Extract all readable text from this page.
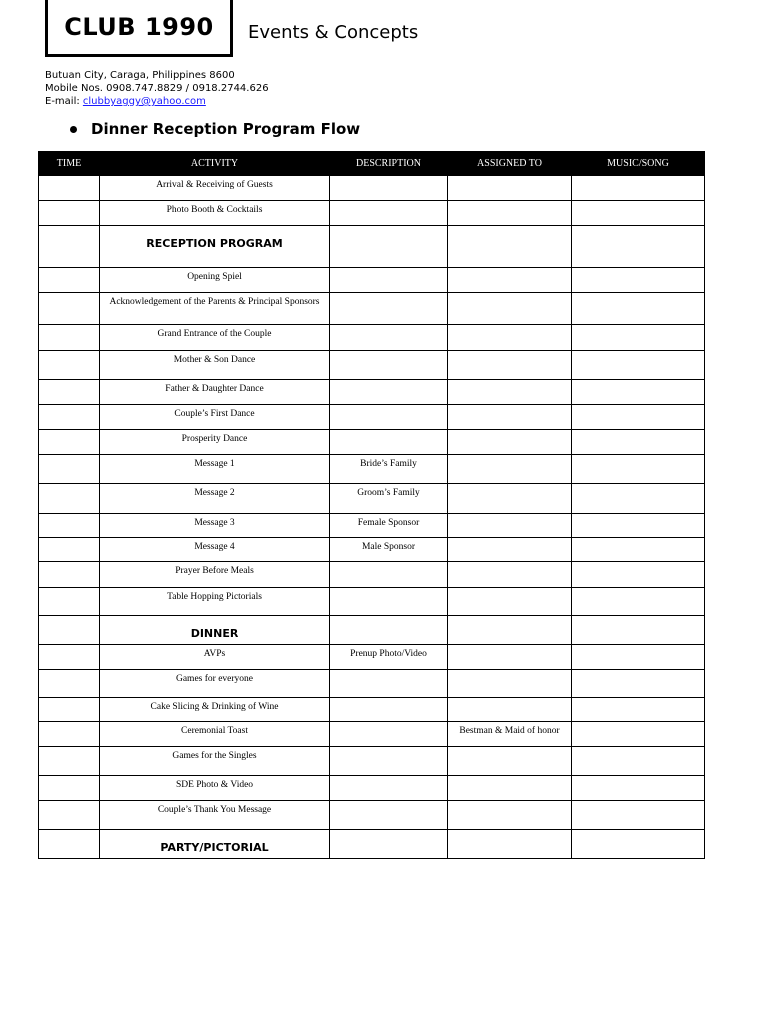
CLUB 1990 Events & Concepts
Butuan City, Caraga, Philippines 8600
Mobile Nos. 0908.747.8829 / 0918.2744.626
E-mail: clubbyaggy@yahoo.com
Dinner Reception Program Flow
TIME	ACTIVITY	DESCRIPTION	ASSIGNED TO	MUSIC/SONG
	Arrival & Receiving of Guests			
	Photo Booth & Cocktails			
	RECEPTION PROGRAM			
	Opening Spiel			
	Acknowledgement of the Parents & Principal Sponsors			
	Grand Entrance of the Couple			
	Mother & Son Dance			
	Father & Daughter Dance			
	Couple’s First Dance			
	Prosperity Dance			
	Message 1	Bride’s Family		
	Message 2	Groom’s Family		
	Message 3	Female Sponsor		
	Message 4	Male Sponsor		
	Prayer Before Meals			
	Table Hopping Pictorials			
	DINNER			
	AVPs	Prenup Photo/Video		
	Games for everyone			
	Cake Slicing & Drinking of Wine			
	Ceremonial Toast		Bestman & Maid of honor	
	Games for the Singles			
	SDE Photo & Video			
	Couple’s Thank You Message			
	PARTY/PICTORIAL			
